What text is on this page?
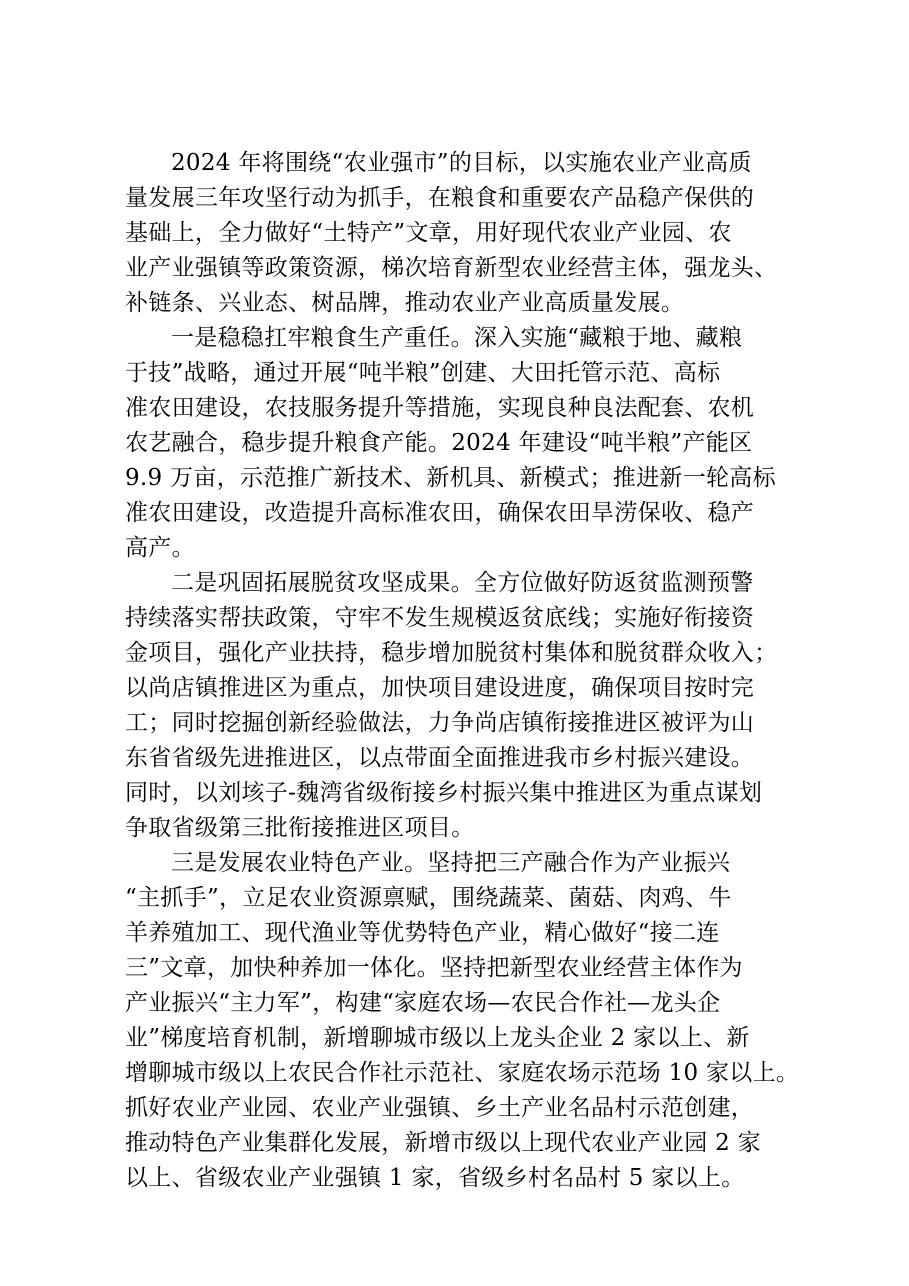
2024 年将围绕“农业强市”的目标，以实施农业产业高质
量发展三年攻坚行动为抓手，在粮食和重要农产品稳产保供的
基础上，全力做好“土特产”文章，用好现代农业产业园、农
业产业强镇等政策资源，梯次培育新型农业经营主体，强龙头、
补链条、兴业态、树品牌，推动农业产业高质量发展。
一是稳稳扛牢粮食生产重任。深入实施“藏粮于地、藏粮
于技”战略，通过开展“吨半粮”创建、大田托管示范、高标
准农田建设，农技服务提升等措施，实现良种良法配套、农机
农艺融合，稳步提升粮食产能。2024 年建设“吨半粮”产能区
9.9 万亩，示范推广新技术、新机具、新模式；推进新一轮高标
准农田建设，改造提升高标准农田，确保农田旱涝保收、稳产
高产。
二是巩固拓展脱贫攻坚成果。全方位做好防返贫监测预警
持续落实帮扶政策，守牢不发生规模返贫底线；实施好衔接资
金项目，强化产业扶持，稳步增加脱贫村集体和脱贫群众收入；
以尚店镇推进区为重点，加快项目建设进度，确保项目按时完
工；同时挖掘创新经验做法，力争尚店镇衔接推进区被评为山
东省省级先进推进区，以点带面全面推进我市乡村振兴建设。
同时，以刘垓子-魏湾省级衔接乡村振兴集中推进区为重点谋划
争取省级第三批衔接推进区项目。
三是发展农业特色产业。坚持把三产融合作为产业振兴
“主抓手”，立足农业资源禀赋，围绕蔬菜、菌菇、肉鸡、牛
羊养殖加工、现代渔业等优势特色产业，精心做好“接二连
三”文章，加快种养加一体化。坚持把新型农业经营主体作为
产业振兴“主力军”，构建“家庭农场—农民合作社—龙头企
业”梯度培育机制，新增聊城市级以上龙头企业 2 家以上、新
增聊城市级以上农民合作社示范社、家庭农场示范场 10 家以上。
抓好农业产业园、农业产业强镇、乡土产业名品村示范创建，
推动特色产业集群化发展，新增市级以上现代农业产业园 2 家
以上、省级农业产业强镇 1 家，省级乡村名品村 5 家以上。
